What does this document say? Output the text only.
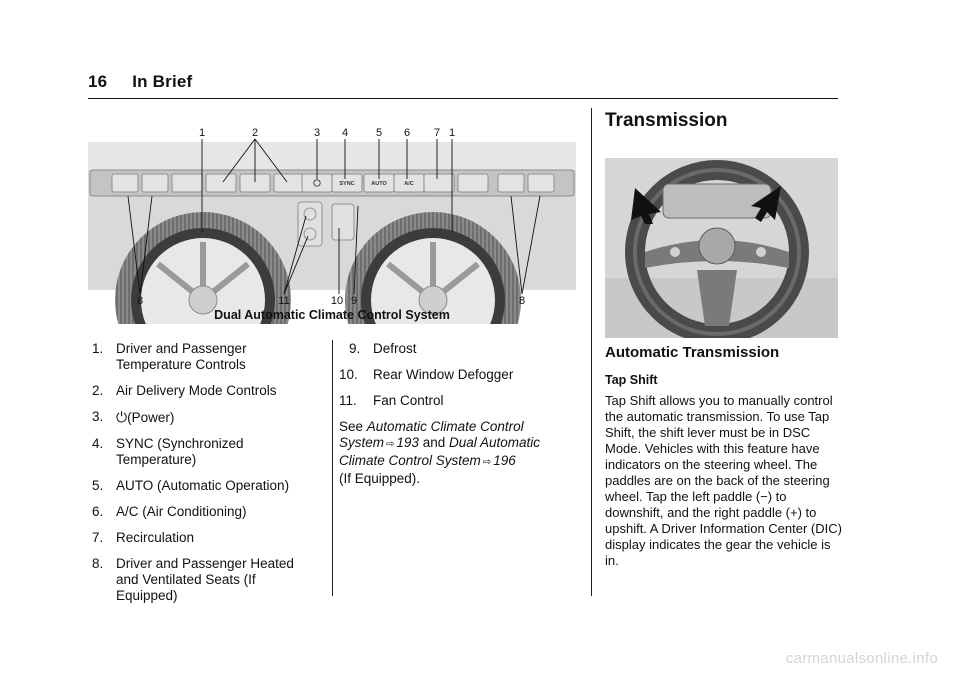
16 In Brief
SYNC	AUTO	A/C
1	2	3 4	5 6 7 1
8	11	10 9	8
Dual Automatic Climate Control System
1. Driver and Passenger Temperature Controls
2. Air Delivery Mode Controls
3. ⏻(Power)
4. SYNC (Synchronized Temperature)
5. AUTO (Automatic Operation)
6. A/C (Air Conditioning)
7. Recirculation
8. Driver and Passenger Heated and Ventilated Seats (If Equipped)
9. Defrost
10.	Rear Window Defogger
11.	Fan Control
See Automatic Climate Control System ⇨ 193 and Dual Automatic Climate Control System ⇨ 196
(If Equipped).
Transmission
Automatic Transmission
Tap Shift
Tap Shift allows you to manually control the automatic transmission. To use Tap Shift, the shift lever must be in DSC Mode. Vehicles with this feature have indicators on the steering wheel. The paddles are on the back of the steering wheel. Tap the left paddle (−) to downshift, and the right paddle (+) to upshift. A Driver Information Center (DIC) display indicates the gear the vehicle is in.
carmanualsonline.info
